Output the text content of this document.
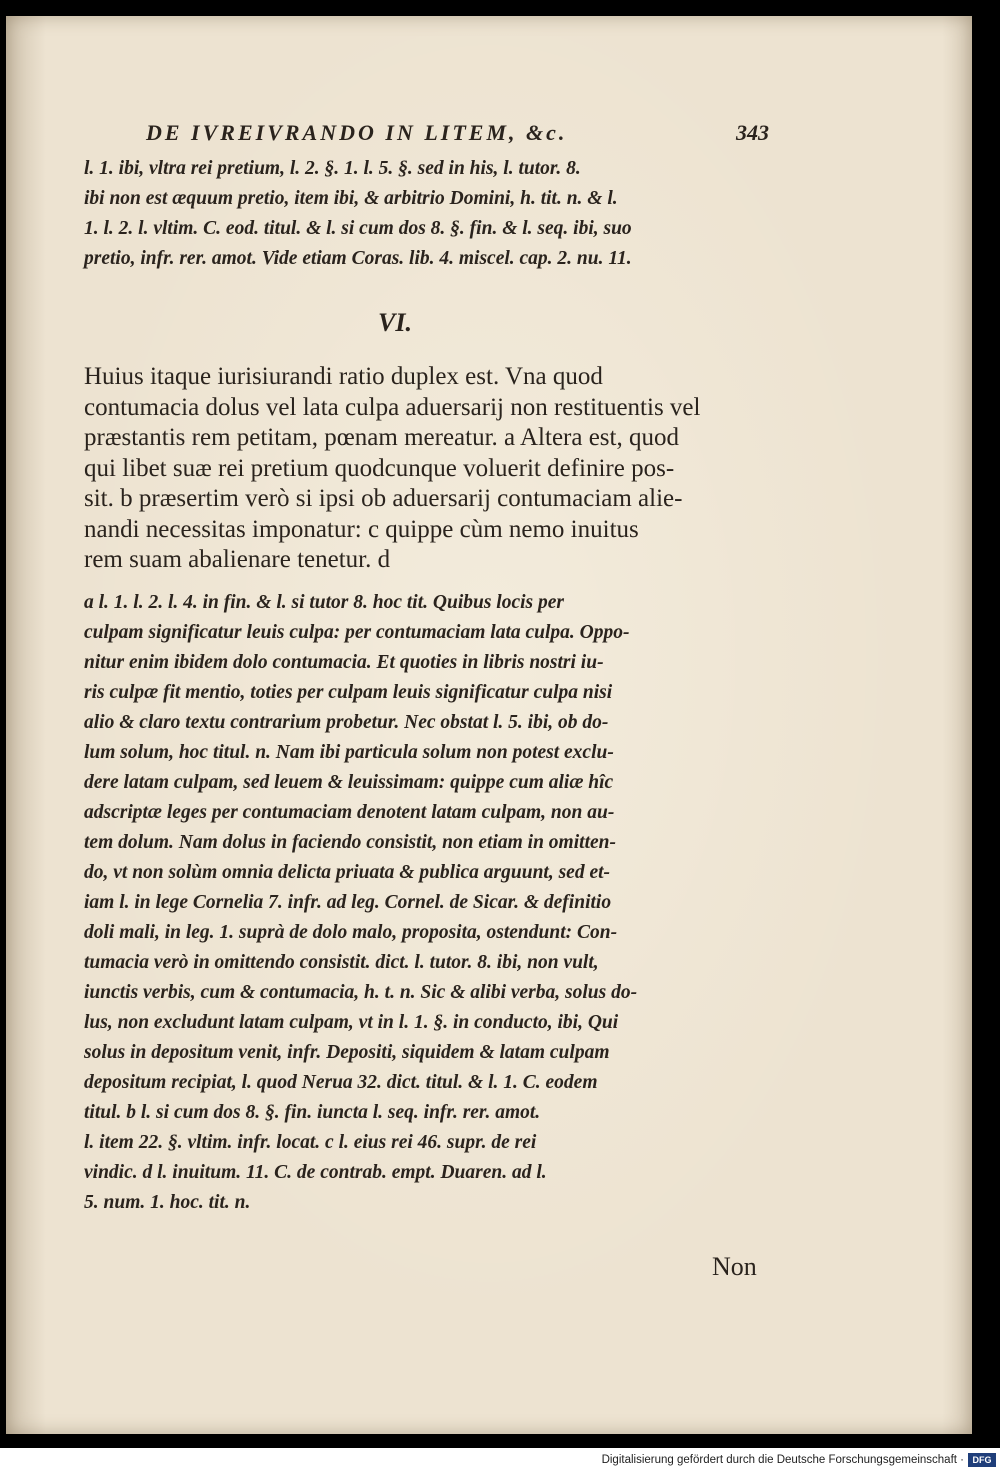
DE IVREIVRANDO IN LITEM, &c.	343
l. 1. ibi, vltra rei pretium, l. 2. §. 1. l. 5. §. sed in his, l. tutor. 8.
ibi non est æquum pretio, item ibi, & arbitrio Domini, h. tit. n. & l.
1. l. 2. l. vltim. C. eod. titul. & l. si cum dos 8. §. fin. & l. seq. ibi, suo
pretio, infr. rer. amot. Vide etiam Coras. lib. 4. miscel. cap. 2. nu. 11.
VI.
Huius itaque iurisiurandi ratio duplex est. Vna quod
contumacia dolus vel lata culpa aduersarij non restituentis vel
præstantis rem petitam, pœnam mereatur. a Altera est, quod
qui libet suæ rei pretium quodcunque voluerit definire pos-
sit. b præsertim verò si ipsi ob aduersarij contumaciam alie-
nandi necessitas imponatur: c quippe cùm nemo inuitus
rem suam abalienare tenetur. d
a l. 1. l. 2. l. 4. in fin. & l. si tutor 8. hoc tit. Quibus locis per
culpam significatur leuis culpa: per contumaciam lata culpa. Oppo-
nitur enim ibidem dolo contumacia. Et quoties in libris nostri iu-
ris culpæ fit mentio, toties per culpam leuis significatur culpa nisi
alio & claro textu contrarium probetur. Nec obstat l. 5. ibi, ob do-
lum solum, hoc titul. n. Nam ibi particula solum non potest exclu-
dere latam culpam, sed leuem & leuissimam: quippe cum aliæ hîc
adscriptæ leges per contumaciam denotent latam culpam, non au-
tem dolum. Nam dolus in faciendo consistit, non etiam in omitten-
do, vt non solùm omnia delicta priuata & publica arguunt, sed et-
iam l. in lege Cornelia 7. infr. ad leg. Cornel. de Sicar. & definitio
doli mali, in leg. 1. suprà de dolo malo, proposita, ostendunt: Con-
tumacia verò in omittendo consistit. dict. l. tutor. 8. ibi, non vult,
iunctis verbis, cum & contumacia, h. t. n. Sic & alibi verba, solus do-
lus, non excludunt latam culpam, vt in l. 1. §. in conducto, ibi, Qui
solus in depositum venit, infr. Depositi, siquidem & latam culpam
depositum recipiat, l. quod Nerua 32. dict. titul. & l. 1. C. eodem
titul. b l. si cum dos 8. §. fin. iuncta l. seq. infr. rer. amot.
l. item 22. §. vltim. infr. locat. c l. eius rei 46. supr. de rei
vindic. d l. inuitum. 11. C. de contrab. empt. Duaren. ad l.
5. num. 1. hoc. tit. n.
Non
Digitalisierung gefördert durch die Deutsche Forschungsgemeinschaft · DFG
